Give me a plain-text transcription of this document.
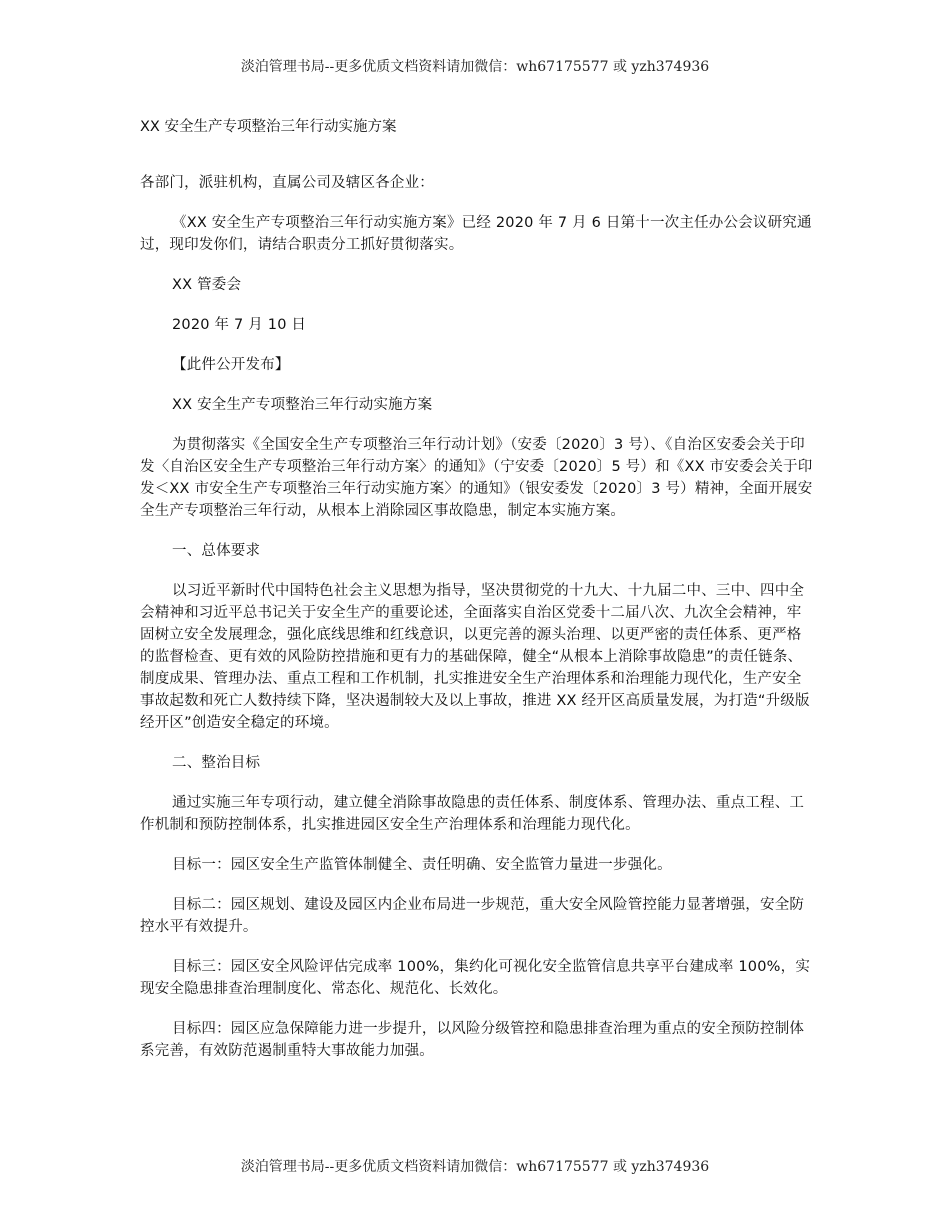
淡泊管理书局--更多优质文档资料请加微信：wh67175577 或 yzh374936
XX 安全生产专项整治三年行动实施方案

各部门，派驻机构，直属公司及辖区各企业：

《XX 安全生产专项整治三年行动实施方案》已经 2020 年 7 月 6 日第十一次主任办公会议研究通过，现印发你们，请结合职责分工抓好贯彻落实。

XX 管委会

2020 年 7 月 10 日

【此件公开发布】

XX 安全生产专项整治三年行动实施方案

为贯彻落实《全国安全生产专项整治三年行动计划》（安委〔2020〕3 号）、《自治区安委会关于印发〈自治区安全生产专项整治三年行动方案〉的通知》（宁安委〔2020〕5 号）和《XX 市安委会关于印发＜XX 市安全生产专项整治三年行动实施方案〉的通知》（银安委发〔2020〕3 号）精神，全面开展安全生产专项整治三年行动，从根本上消除园区事故隐患，制定本实施方案。

一、总体要求

以习近平新时代中国特色社会主义思想为指导，坚决贯彻党的十九大、十九届二中、三中、四中全会精神和习近平总书记关于安全生产的重要论述，全面落实自治区党委十二届八次、九次全会精神，牢固树立安全发展理念，强化底线思维和红线意识，以更完善的源头治理、以更严密的责任体系、更严格的监督检查、更有效的风险防控措施和更有力的基础保障，健全“从根本上消除事故隐患”的责任链条、制度成果、管理办法、重点工程和工作机制，扎实推进安全生产治理体系和治理能力现代化，生产安全事故起数和死亡人数持续下降，坚决遏制较大及以上事故，推进 XX 经开区高质量发展，为打造“升级版经开区”创造安全稳定的环境。

二、整治目标

通过实施三年专项行动，建立健全消除事故隐患的责任体系、制度体系、管理办法、重点工程、工作机制和预防控制体系，扎实推进园区安全生产治理体系和治理能力现代化。

目标一：园区安全生产监管体制健全、责任明确、安全监管力量进一步强化。

目标二：园区规划、建设及园区内企业布局进一步规范，重大安全风险管控能力显著增强，安全防控水平有效提升。

目标三：园区安全风险评估完成率 100%，集约化可视化安全监管信息共享平台建成率 100%，实现安全隐患排查治理制度化、常态化、规范化、长效化。

目标四：园区应急保障能力进一步提升，以风险分级管控和隐患排查治理为重点的安全预防控制体系完善，有效防范遏制重特大事故能力加强。

淡泊管理书局--更多优质文档资料请加微信：wh67175577 或 yzh374936
